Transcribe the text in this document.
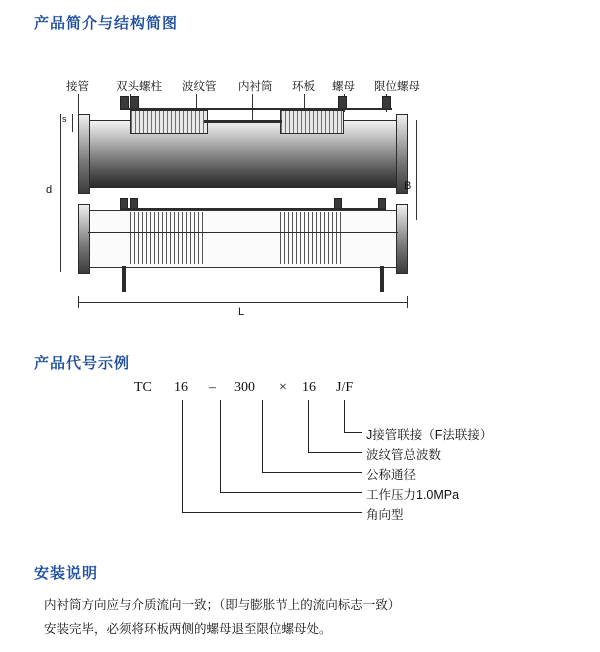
产品简介与结构简图
接管 双头螺柱 波纹管 内衬筒 环板 螺母 限位螺母
d
s
B
L
产品代号示例
TC 16 – 300 × 16 J/F
J接管联接（F法联接）
波纹管总波数
公称通径
工作压力1.0MPa
角向型
安装说明

内衬筒方向应与介质流向一致；（即与膨胀节上的流向标志一致）

安装完毕，必须将环板两侧的螺母退至限位螺母处。
